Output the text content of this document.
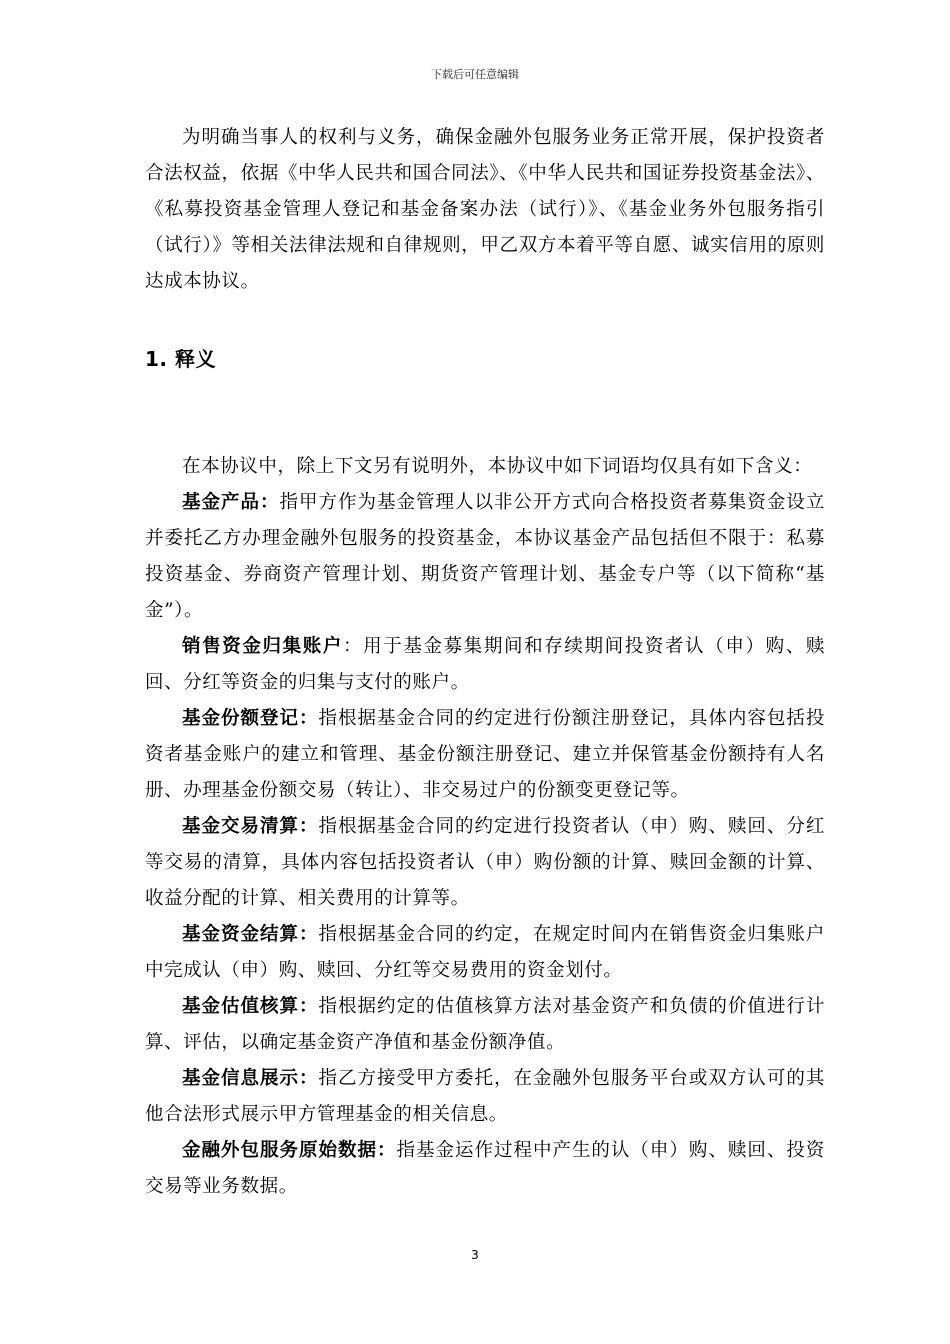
下载后可任意编辑

为明确当事人的权利与义务，确保金融外包服务业务正常开展，保护投资者合法权益，依据《中华人民共和国合同法》、《中华人民共和国证券投资基金法》、《私募投资基金管理人登记和基金备案办法（试行）》、《基金业务外包服务指引（试行）》等相关法律法规和自律规则，甲乙双方本着平等自愿、诚实信用的原则达成本协议。

1. 释义

在本协议中，除上下文另有说明外，本协议中如下词语均仅具有如下含义：

基金产品：指甲方作为基金管理人以非公开方式向合格投资者募集资金设立并委托乙方办理金融外包服务的投资基金，本协议基金产品包括但不限于：私募投资基金、券商资产管理计划、期货资产管理计划、基金专户等（以下简称“基金”）。

销售资金归集账户：用于基金募集期间和存续期间投资者认（申）购、赎回、分红等资金的归集与支付的账户。

基金份额登记：指根据基金合同的约定进行份额注册登记，具体内容包括投资者基金账户的建立和管理、基金份额注册登记、建立并保管基金份额持有人名册、办理基金份额交易（转让）、非交易过户的份额变更登记等。

基金交易清算：指根据基金合同的约定进行投资者认（申）购、赎回、分红等交易的清算，具体内容包括投资者认（申）购份额的计算、赎回金额的计算、收益分配的计算、相关费用的计算等。

基金资金结算：指根据基金合同的约定，在规定时间内在销售资金归集账户中完成认（申）购、赎回、分红等交易费用的资金划付。

基金估值核算：指根据约定的估值核算方法对基金资产和负债的价值进行计算、评估，以确定基金资产净值和基金份额净值。

基金信息展示：指乙方接受甲方委托，在金融外包服务平台或双方认可的其他合法形式展示甲方管理基金的相关信息。

金融外包服务原始数据：指基金运作过程中产生的认（申）购、赎回、投资交易等业务数据。

3
